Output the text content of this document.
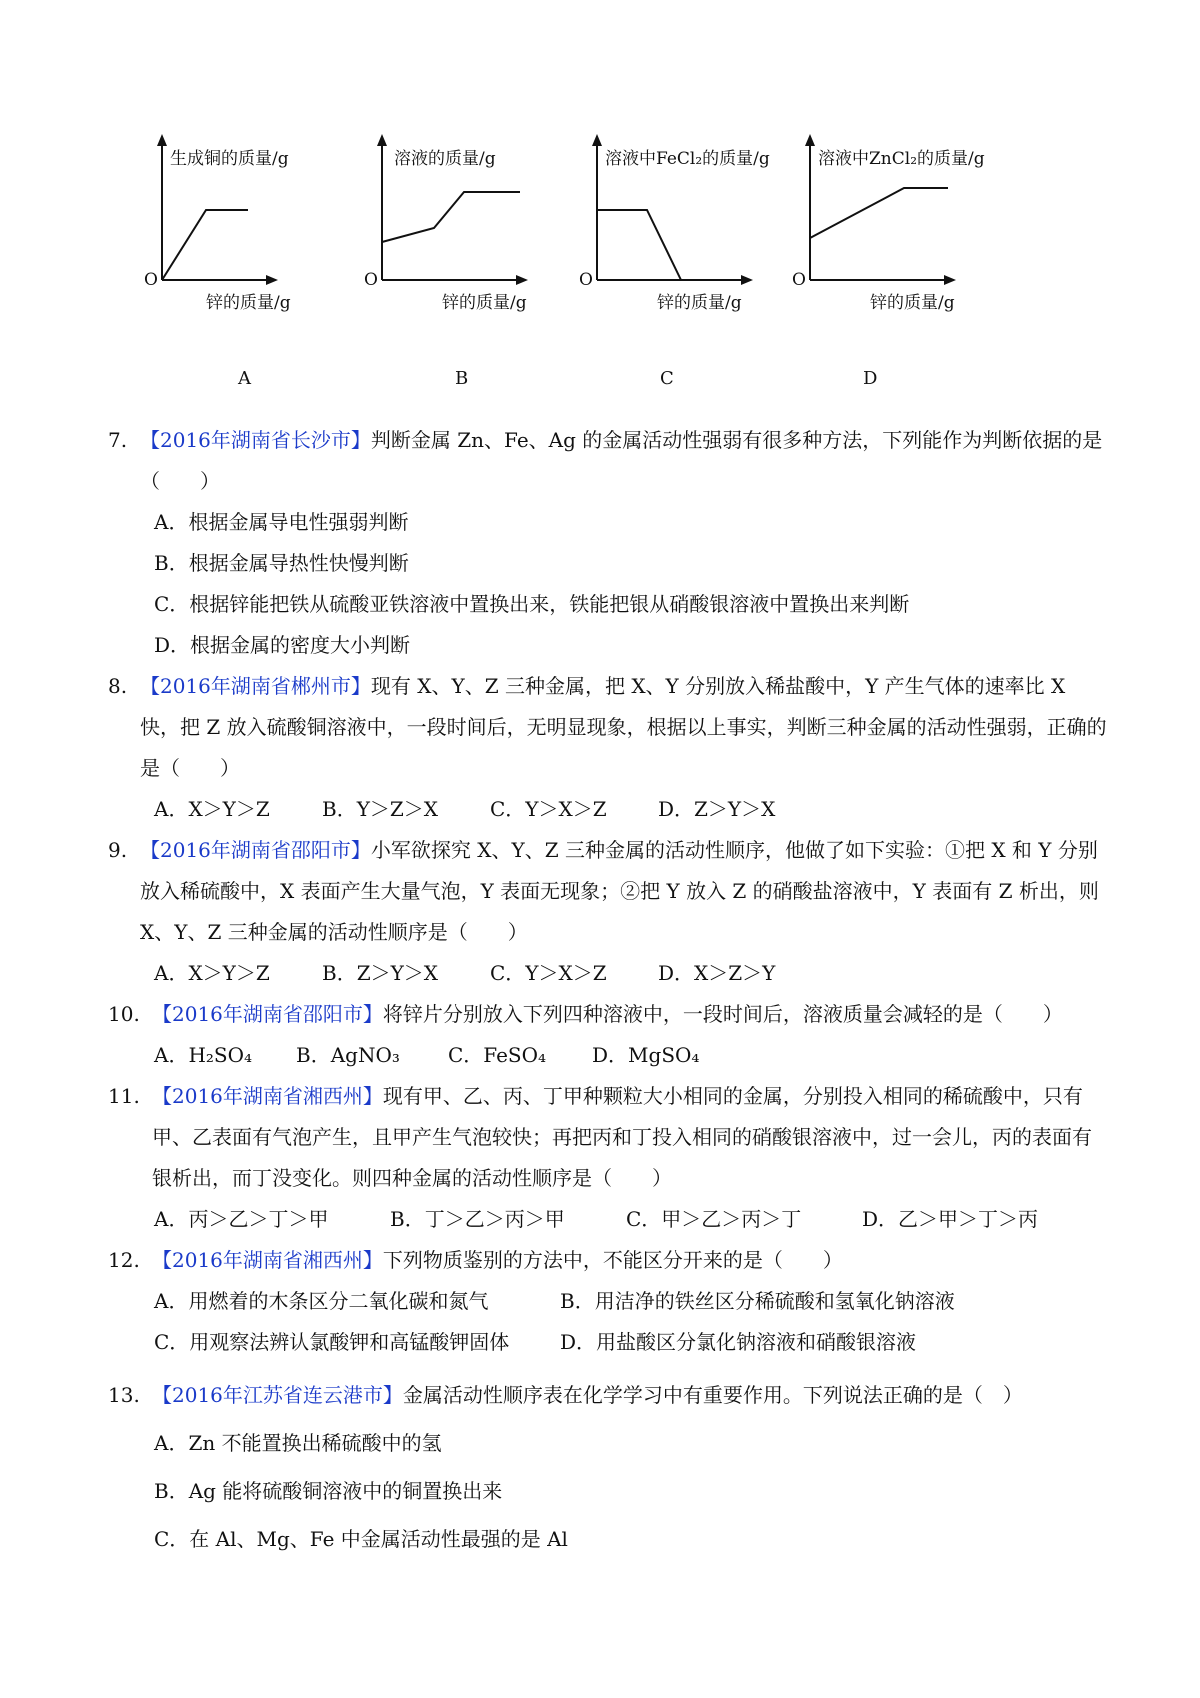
生成铜的质量/g
O
锌的质量/g
A
溶液的质量/g
O
锌的质量/g
B
溶液中FeCl₂的质量/g
O
锌的质量/g
C
溶液中ZnCl₂的质量/g
O
锌的质量/g
D
7. 【2016年湖南省长沙市】判断金属 Zn、Fe、Ag 的金属活动性强弱有很多种方法，下列能作为判断依据的是（　　）
A．根据金属导电性强弱判断
B．根据金属导热性快慢判断
C．根据锌能把铁从硫酸亚铁溶液中置换出来，铁能把银从硝酸银溶液中置换出来判断
D．根据金属的密度大小判断
8. 【2016年湖南省郴州市】现有 X、Y、Z 三种金属，把 X、Y 分别放入稀盐酸中，Y 产生气体的速率比 X 快，把 Z 放入硫酸铜溶液中，一段时间后，无明显现象，根据以上事实，判断三种金属的活动性强弱，正确的是（　　）
A．X＞Y＞Z	B．Y＞Z＞X	C．Y＞X＞Z	D．Z＞Y＞X
9. 【2016年湖南省邵阳市】小军欲探究 X、Y、Z 三种金属的活动性顺序，他做了如下实验：①把 X 和 Y 分别放入稀硫酸中，X 表面产生大量气泡，Y 表面无现象；②把 Y 放入 Z 的硝酸盐溶液中，Y 表面有 Z 析出，则 X、Y、Z 三种金属的活动性顺序是（　　）
A．X＞Y＞Z	B．Z＞Y＞X	C．Y＞X＞Z	D．X＞Z＞Y
10. 【2016年湖南省邵阳市】将锌片分别放入下列四种溶液中，一段时间后，溶液质量会减轻的是（　　）
A．H₂SO₄	B．AgNO₃	C．FeSO₄	D．MgSO₄
11. 【2016年湖南省湘西州】现有甲、乙、丙、丁甲种颗粒大小相同的金属，分别投入相同的稀硫酸中，只有甲、乙表面有气泡产生，且甲产生气泡较快；再把丙和丁投入相同的硝酸银溶液中，过一会儿，丙的表面有银析出，而丁没变化。则四种金属的活动性顺序是（　　）
A．丙＞乙＞丁＞甲	B．丁＞乙＞丙＞甲	C．甲＞乙＞丙＞丁	D．乙＞甲＞丁＞丙
12. 【2016年湖南省湘西州】下列物质鉴别的方法中，不能区分开来的是（　　）
A．用燃着的木条区分二氧化碳和氮气	B．用洁净的铁丝区分稀硫酸和氢氧化钠溶液
C．用观察法辨认氯酸钾和高锰酸钾固体	D．用盐酸区分氯化钠溶液和硝酸银溶液
13. 【2016年江苏省连云港市】金属活动性顺序表在化学学习中有重要作用。下列说法正确的是（　）
A．Zn 不能置换出稀硫酸中的氢
B．Ag 能将硫酸铜溶液中的铜置换出来
C．在 Al、Mg、Fe 中金属活动性最强的是 Al
